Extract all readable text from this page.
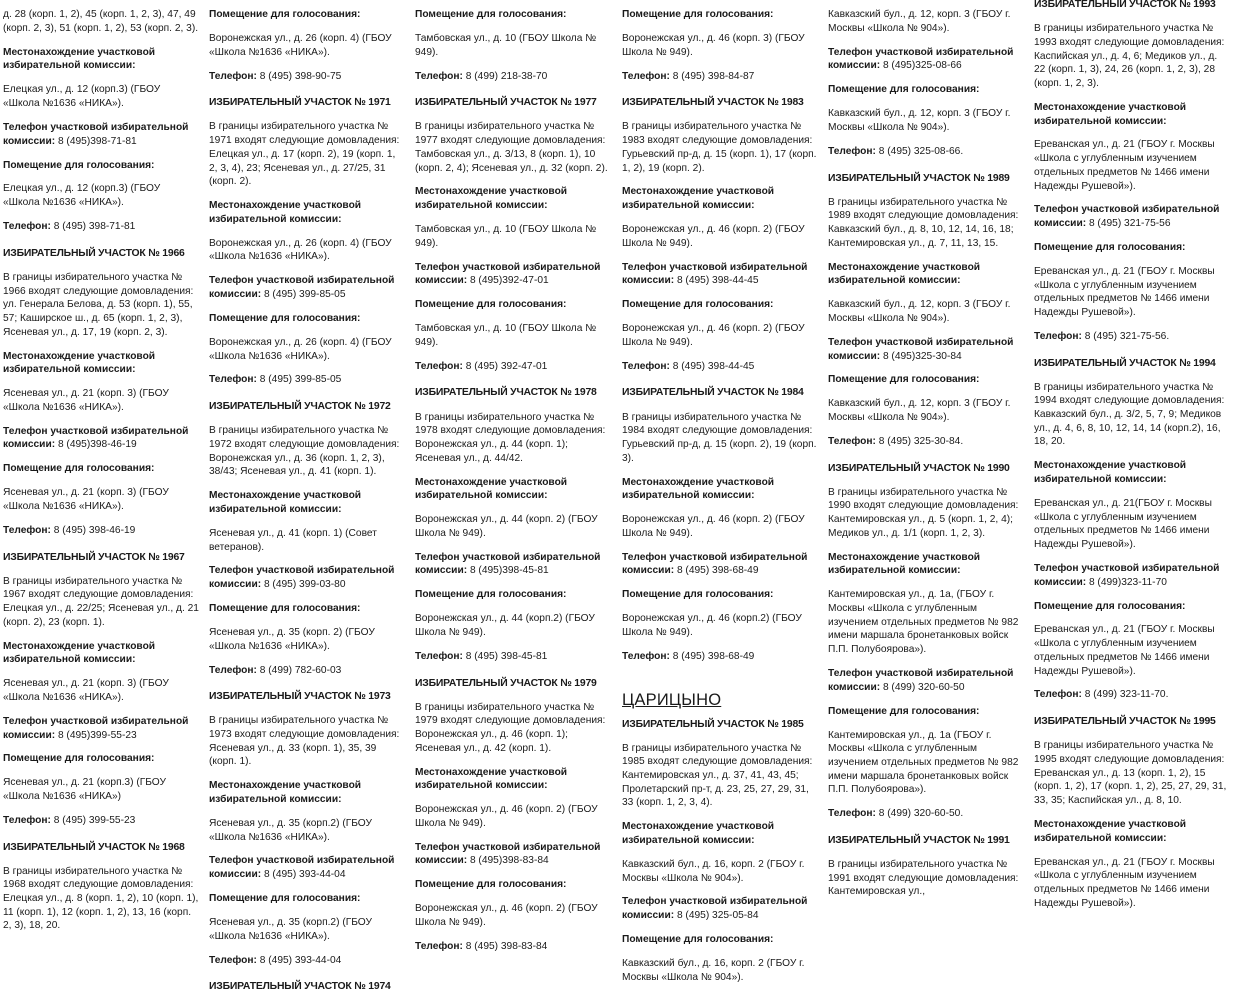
д. 28 (корп. 1, 2), 45 (корп. 1, 2, 3), 47, 49 (корп. 2, 3), 51 (корп. 1, 2), 53 (корп. 2, 3).

Местонахождение участковой избирательной комиссии:

Елецкая ул., д. 12 (корп.3) (ГБОУ «Школа №1636 «НИКА»).

Телефон участковой избирательной комиссии: 8 (495)398-71-81

Помещение для голосования:

Елецкая ул., д. 12 (корп.3) (ГБОУ «Школа №1636 «НИКА»).

Телефон: 8 (495) 398-71-81

ИЗБИРАТЕЛЬНЫЙ УЧАСТОК № 1966

В границы избирательного участка № 1966 входят следующие домовладения: ул. Генерала Белова, д. 53 (корп. 1), 55, 57; Каширское ш., д. 65 (корп. 1, 2, 3), Ясеневая ул., д. 17, 19 (корп. 2, 3).

Местонахождение участковой избирательной комиссии:

Ясеневая ул., д. 21 (корп. 3) (ГБОУ «Школа №1636 «НИКА»).

Телефон участковой избирательной комиссии: 8 (495)398-46-19

Помещение для голосования:

Ясеневая ул., д. 21 (корп. 3) (ГБОУ «Школа №1636 «НИКА»).

Телефон: 8 (495) 398-46-19

ИЗБИРАТЕЛЬНЫЙ УЧАСТОК № 1967

В границы избирательного участка № 1967 входят следующие домовладения: Елецкая ул., д. 22/25; Ясеневая ул., д. 21 (корп. 2), 23 (корп. 1).

Местонахождение участковой избирательной комиссии:

Ясеневая ул., д. 21 (корп. 3) (ГБОУ «Школа №1636 «НИКА»).

Телефон участковой избирательной комиссии: 8 (495)399-55-23

Помещение для голосования:

Ясеневая ул., д. 21 (корп.3) (ГБОУ «Школа №1636 «НИКА»)

Телефон: 8 (495) 399-55-23

ИЗБИРАТЕЛЬНЫЙ УЧАСТОК № 1968

В границы избирательного участка № 1968 входят следующие домовладения: Елецкая ул., д. 8 (корп. 1, 2), 10 (корп. 1), 11 (корп. 1), 12 (корп. 1, 2), 13, 16 (корп. 2, 3), 18, 20.

Помещение для голосования:

Воронежская ул., д. 26 (корп. 4) (ГБОУ «Школа №1636 «НИКА»).

Телефон: 8 (495) 398-90-75

ИЗБИРАТЕЛЬНЫЙ УЧАСТОК № 1971

В границы избирательного участка № 1971 входят следующие домовладения: Елецкая ул., д. 17 (корп. 2), 19 (корп. 1, 2, 3, 4), 23; Ясеневая ул., д. 27/25, 31 (корп. 2).

Местонахождение участковой избирательной комиссии:

Воронежская ул., д. 26 (корп. 4) (ГБОУ «Школа №1636 «НИКА»).

Телефон участковой избирательной комиссии: 8 (495) 399-85-05

Помещение для голосования:

Воронежская ул., д. 26 (корп. 4) (ГБОУ «Школа №1636 «НИКА»).

Телефон: 8 (495) 399-85-05

ИЗБИРАТЕЛЬНЫЙ УЧАСТОК № 1972

В границы избирательного участка № 1972 входят следующие домовладения: Воронежская ул., д. 36 (корп. 1, 2, 3), 38/43; Ясеневая ул., д. 41 (корп. 1).

Местонахождение участковой избирательной комиссии:

Ясеневая ул., д. 41 (корп. 1) (Совет ветеранов).

Телефон участковой избирательной комиссии: 8 (495) 399-03-80

Помещение для голосования:

Ясеневая ул., д. 35 (корп. 2) (ГБОУ «Школа №1636 «НИКА»).

Телефон: 8 (499) 782-60-03

ИЗБИРАТЕЛЬНЫЙ УЧАСТОК № 1973

В границы избирательного участка № 1973 входят следующие домовладения: Ясеневая ул., д. 33 (корп. 1), 35, 39 (корп. 1).

Местонахождение участковой избирательной комиссии:

Ясеневая ул., д. 35 (корп.2) (ГБОУ «Школа №1636 «НИКА»).

Телефон участковой избирательной комиссии: 8 (495) 393-44-04

Помещение для голосования:

Ясеневая ул., д. 35 (корп.2) (ГБОУ «Школа №1636 «НИКА»).

Телефон: 8 (495) 393-44-04

ИЗБИРАТЕЛЬНЫЙ УЧАСТОК № 1974

Помещение для голосования:

Тамбовская ул., д. 10 (ГБОУ Школа № 949).

Телефон: 8 (499) 218-38-70

ИЗБИРАТЕЛЬНЫЙ УЧАСТОК № 1977

В границы избирательного участка № 1977 входят следующие домовладения: Тамбовская ул., д. 3/13, 8 (корп. 1), 10 (корп. 2, 4); Ясеневая ул., д. 32 (корп. 2).

Местонахождение участковой избирательной комиссии:

Тамбовская ул., д. 10 (ГБОУ Школа № 949).

Телефон участковой избирательной комиссии: 8 (495)392-47-01

Помещение для голосования:

Тамбовская ул., д. 10 (ГБОУ Школа № 949).

Телефон: 8 (495) 392-47-01

ИЗБИРАТЕЛЬНЫЙ УЧАСТОК № 1978

В границы избирательного участка № 1978 входят следующие домовладения: Воронежская ул., д. 44 (корп. 1); Ясеневая ул., д. 44/42.

Местонахождение участковой избирательной комиссии:

Воронежская ул., д. 44 (корп. 2) (ГБОУ Школа № 949).

Телефон участковой избирательной комиссии: 8 (495)398-45-81

Помещение для голосования:

Воронежская ул., д. 44 (корп.2) (ГБОУ Школа № 949).

Телефон: 8 (495) 398-45-81

ИЗБИРАТЕЛЬНЫЙ УЧАСТОК № 1979

В границы избирательного участка № 1979 входят следующие домовладения: Воронежская ул., д. 46 (корп. 1); Ясеневая ул., д. 42 (корп. 1).

Местонахождение участковой избирательной комиссии:

Воронежская ул., д. 46 (корп. 2) (ГБОУ Школа № 949).

Телефон участковой избирательной комиссии: 8 (495)398-83-84

Помещение для голосования:

Воронежская ул., д. 46 (корп. 2) (ГБОУ Школа № 949).

Телефон: 8 (495) 398-83-84

Помещение для голосования:

Воронежская ул., д. 46 (корп. 3) (ГБОУ Школа № 949).

Телефон: 8 (495) 398-84-87

ИЗБИРАТЕЛЬНЫЙ УЧАСТОК № 1983

В границы избирательного участка № 1983 входят следующие домовладения: Гурьевский пр-д, д. 15 (корп. 1), 17 (корп. 1, 2), 19 (корп. 2).

Местонахождение участковой избирательной комиссии:

Воронежская ул., д. 46 (корп. 2) (ГБОУ Школа № 949).

Телефон участковой избирательной комиссии: 8 (495) 398-44-45

Помещение для голосования:

Воронежская ул., д. 46 (корп. 2) (ГБОУ Школа № 949).

Телефон: 8 (495) 398-44-45

ИЗБИРАТЕЛЬНЫЙ УЧАСТОК № 1984

В границы избирательного участка № 1984 входят следующие домовладения: Гурьевский пр-д, д. 15 (корп. 2), 19 (корп. 3).

Местонахождение участковой избирательной комиссии:

Воронежская ул., д. 46 (корп. 2) (ГБОУ Школа № 949).

Телефон участковой избирательной комиссии: 8 (495) 398-68-49

Помещение для голосования:

Воронежская ул., д. 46 (корп.2) (ГБОУ Школа № 949).

Телефон: 8 (495) 398-68-49

ЦАРИЦЫНО

ИЗБИРАТЕЛЬНЫЙ УЧАСТОК № 1985

В границы избирательного участка № 1985 входят следующие домовладения: Кантемировская ул., д. 37, 41, 43, 45; Пролетарский пр-т, д. 23, 25, 27, 29, 31, 33 (корп. 1, 2, 3, 4).

Местонахождение участковой избирательной комиссии:

Кавказский бул., д. 16, корп. 2 (ГБОУ г. Москвы «Школа № 904»).

Телефон участковой избирательной комиссии: 8 (495) 325-05-84

Помещение для голосования:

Кавказский бул., д. 16, корп. 2 (ГБОУ г. Москвы «Школа № 904»).

Кавказский бул., д. 12, корп. 3 (ГБОУ г. Москвы «Школа № 904»).

Телефон участковой избирательной комиссии: 8 (495)325-08-66

Помещение для голосования:

Кавказский бул., д. 12, корп. 3 (ГБОУ г. Москвы «Школа № 904»).

Телефон: 8 (495) 325-08-66.

ИЗБИРАТЕЛЬНЫЙ УЧАСТОК № 1989

В границы избирательного участка № 1989 входят следующие домовладения: Кавказский бул., д. 8, 10, 12, 14, 16, 18; Кантемировская ул., д. 7, 11, 13, 15.

Местонахождение участковой избирательной комиссии:

Кавказский бул., д. 12, корп. 3 (ГБОУ г. Москвы «Школа № 904»).

Телефон участковой избирательной комиссии: 8 (495)325-30-84

Помещение для голосования:

Кавказский бул., д. 12, корп. 3 (ГБОУ г. Москвы «Школа № 904»).

Телефон: 8 (495) 325-30-84.

ИЗБИРАТЕЛЬНЫЙ УЧАСТОК № 1990

В границы избирательного участка № 1990 входят следующие домовладения: Кантемировская ул., д. 5 (корп. 1, 2, 4); Медиков ул., д. 1/1 (корп. 1, 2, 3).

Местонахождение участковой избирательной комиссии:

Кантемировская ул., д. 1а, (ГБОУ г. Москвы «Школа с углубленным изучением отдельных предметов № 982 имени маршала бронетанковых войск П.П. Полубоярова»).

Телефон участковой избирательной комиссии: 8 (499) 320-60-50

Помещение для голосования:

Кантемировская ул., д. 1а (ГБОУ г. Москвы «Школа с углубленным изучением отдельных предметов № 982 имени маршала бронетанковых войск П.П. Полубоярова»).

Телефон: 8 (499) 320-60-50.

ИЗБИРАТЕЛЬНЫЙ УЧАСТОК № 1991

В границы избирательного участка № 1991 входят следующие домовладения: Кантемировская ул.,

ИЗБИРАТЕЛЬНЫЙ УЧАСТОК № 1993

В границы избирательного участка № 1993 входят следующие домовладения: Каспийская ул., д. 4, 6; Медиков ул., д. 22 (корп. 1, 3), 24, 26 (корп. 1, 2, 3), 28 (корп. 1, 2, 3).

Местонахождение участковой избирательной комиссии:

Ереванская ул., д. 21 (ГБОУ г. Москвы «Школа с углубленным изучением отдельных предметов № 1466 имени Надежды Рушевой»).

Телефон участковой избирательной комиссии: 8 (495) 321-75-56

Помещение для голосования:

Ереванская ул., д. 21 (ГБОУ г. Москвы «Школа с углубленным изучением отдельных предметов № 1466 имени Надежды Рушевой»).

Телефон: 8 (495) 321-75-56.

ИЗБИРАТЕЛЬНЫЙ УЧАСТОК № 1994

В границы избирательного участка № 1994 входят следующие домовладения: Кавказский бул., д. 3/2, 5, 7, 9; Медиков ул., д. 4, 6, 8, 10, 12, 14, 14 (корп.2), 16, 18, 20.

Местонахождение участковой избирательной комиссии:

Ереванская ул., д. 21(ГБОУ г. Москвы «Школа с углубленным изучением отдельных предметов № 1466 имени Надежды Рушевой»).

Телефон участковой избирательной комиссии: 8 (499)323-11-70

Помещение для голосования:

Ереванская ул., д. 21 (ГБОУ г. Москвы «Школа с углубленным изучением отдельных предметов № 1466 имени Надежды Рушевой»).

Телефон: 8 (499) 323-11-70.

ИЗБИРАТЕЛЬНЫЙ УЧАСТОК № 1995

В границы избирательного участка № 1995 входят следующие домовладения: Ереванская ул., д. 13 (корп. 1, 2), 15 (корп. 1, 2), 17 (корп. 1, 2), 25, 27, 29, 31, 33, 35; Каспийская ул., д. 8, 10.

Местонахождение участковой избирательной комиссии:

Ереванская ул., д. 21 (ГБОУ г. Москвы «Школа с углубленным изучением отдельных предметов № 1466 имени Надежды Рушевой»).
